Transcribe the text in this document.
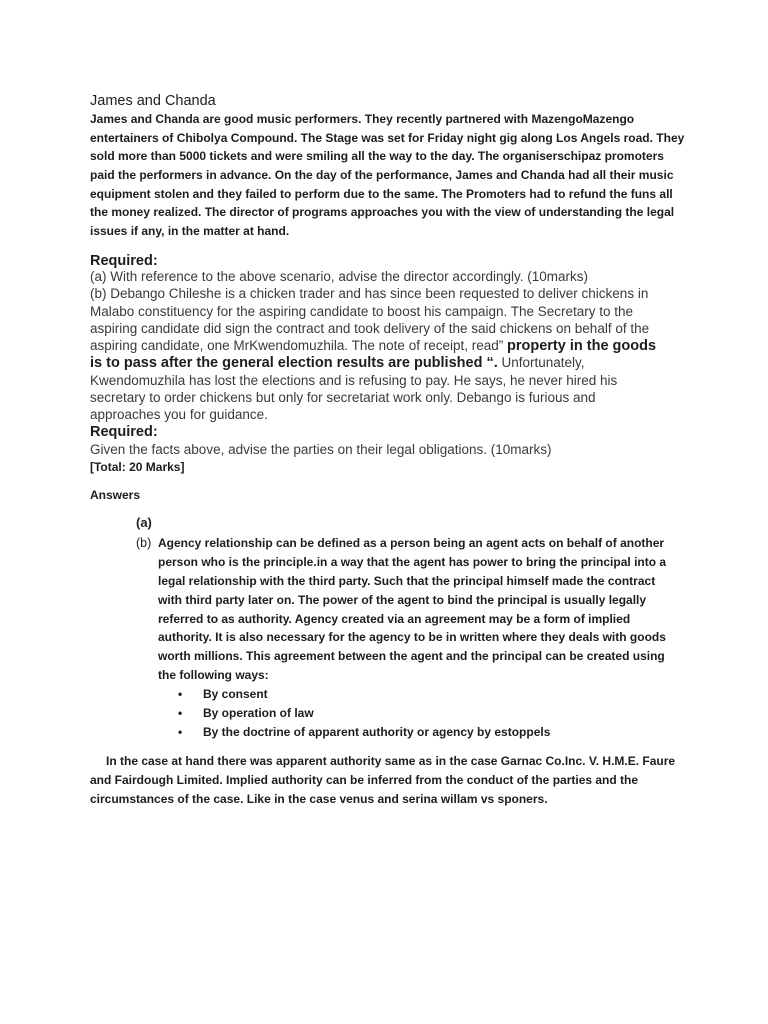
James and Chanda
James and Chanda are good music performers. They recently partnered with MazengoMazengo
entertainers of Chibolya Compound. The Stage was set for Friday night gig along Los Angels road. They
sold more than 5000 tickets and were smiling all the way to the day. The organiserschipaz promoters
paid the performers in advance. On the day of the performance, James and Chanda had all their music
equipment stolen and they failed to perform due to the same. The Promoters had to refund the funs all
the money realized. The director of programs approaches you with the view of understanding the legal
issues if any, in the matter at hand.
Required:
(a) With reference to the above scenario, advise the director accordingly. (10marks)
(b) Debango Chileshe is a chicken trader and has since been requested to deliver chickens in
Malabo constituency for the aspiring candidate to boost his campaign. The Secretary to the
aspiring candidate did sign the contract and took delivery of the said chickens on behalf of the
aspiring candidate, one MrKwendomuzhila. The note of receipt, read” property in the goods
is to pass after the general election results are published “. Unfortunately,
Kwendomuzhila has lost the elections and is refusing to pay. He says, he never hired his
secretary to order chickens but only for secretariat work only. Debango is furious and
approaches you for guidance.
Required:
Given the facts above, advise the parties on their legal obligations. (10marks)
[Total: 20 Marks]
Answers
(a)
(b) Agency relationship can be defined as a person being an agent acts on behalf of another
person who is the principle.in a way that the agent has power to bring the principal into a
legal relationship with the third party. Such that the principal himself made the contract
with third party later on. The power of the agent to bind the principal is usually legally
referred to as authority. Agency created via an agreement may be a form of implied
authority. It is also necessary for the agency to be in written where they deals with goods
worth millions. This agreement between the agent and the principal can be created using
the following ways:
• By consent
• By operation of law
• By the doctrine of apparent authority or agency by estoppels
In the case at hand there was apparent authority same as in the case Garnac Co.Inc. V. H.M.E. Faure
and Fairdough Limited. Implied authority can be inferred from the conduct of the parties and the
circumstances of the case. Like in the case venus and serina willam vs sponers.
